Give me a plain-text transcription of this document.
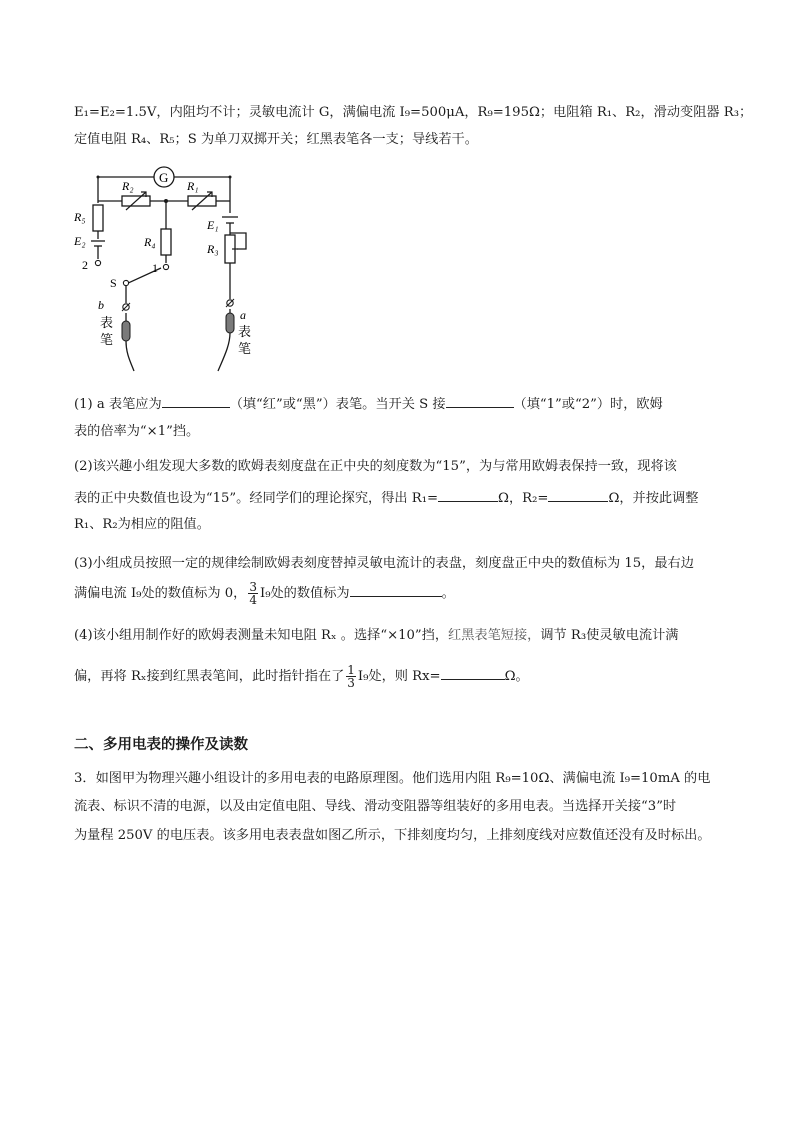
E₁=E₂=1.5V，内阻均不计；灵敏电流计 G，满偏电流 I₉=500μA，R₉=195Ω；电阻箱 R₁、R₂，滑动变阻器 R₃；
定值电阻 R₄、R₅；S 为单刀双掷开关；红黑表笔各一支；导线若干。
G
R₂	R₁
R₅
E₂	R₄
E₁
R₃
2	1
S
b
表
笔
a
表
笔
(1) a 表笔应为	（填“红”或“黑”）表笔。当开关 S 接	（填“1”或“2”）时，欧姆
表的倍率为“×1”挡。
(2)该兴趣小组发现大多数的欧姆表刻度盘在正中央的刻度数为“15”，为与常用欧姆表保持一致，现将该
表的正中央数值也设为“15”。经同学们的理论探究，得出 R₁=	Ω，R₂=	Ω，并按此调整
R₁、R₂为相应的阻值。
(3)小组成员按照一定的规律绘制欧姆表刻度替掉灵敏电流计的表盘，刻度盘正中央的数值标为 15，最右边
满偏电流 I₉处的数值标为 0， $\frac{3}{4} I_9$处的数值标为	。
(4)该小组用制作好的欧姆表测量未知电阻 Rₓ 。选择“×10”挡，红黑表笔短接，调节 R₃使灵敏电流计满
偏，再将 Rₓ接到红黑表笔间，此时指针指在了 $\frac{1}{3} I_9$处，则 Rx=	Ω。
二、多用电表的操作及读数
3．如图甲为物理兴趣小组设计的多用电表的电路原理图。他们选用内阻 R₉=10Ω、满偏电流 I₉=10mA 的电
流表、标识不清的电源，以及由定值电阻、导线、滑动变阻器等组装好的多用电表。当选择开关接“3”时
为量程 250V 的电压表。该多用电表表盘如图乙所示，下排刻度均匀，上排刻度线对应数值还没有及时标出。
